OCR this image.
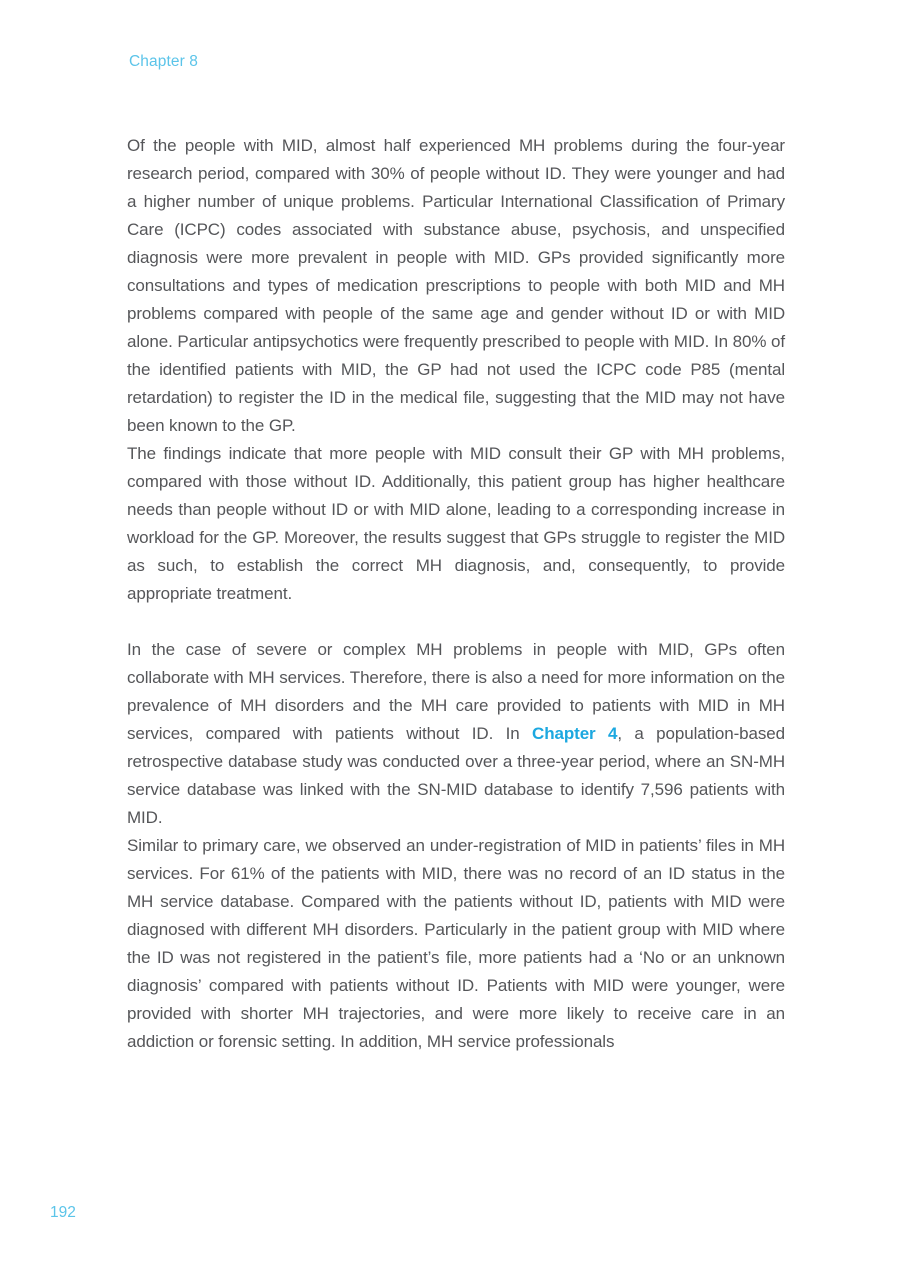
Chapter 8

Of the people with MID, almost half experienced MH problems during the four-year research period, compared with 30% of people without ID. They were younger and had a higher number of unique problems. Particular International Classification of Primary Care (ICPC) codes associated with substance abuse, psychosis, and unspecified diagnosis were more prevalent in people with MID. GPs provided significantly more consultations and types of medication prescriptions to people with both MID and MH problems compared with people of the same age and gender without ID or with MID alone. Particular antipsychotics were frequently prescribed to people with MID. In 80% of the identified patients with MID, the GP had not used the ICPC code P85 (mental retardation) to register the ID in the medical file, suggesting that the MID may not have been known to the GP.

The findings indicate that more people with MID consult their GP with MH problems, compared with those without ID. Additionally, this patient group has higher healthcare needs than people without ID or with MID alone, leading to a corresponding increase in workload for the GP. Moreover, the results suggest that GPs struggle to register the MID as such, to establish the correct MH diagnosis, and, consequently, to provide appropriate treatment.

In the case of severe or complex MH problems in people with MID, GPs often collaborate with MH services. Therefore, there is also a need for more information on the prevalence of MH disorders and the MH care provided to patients with MID in MH services, compared with patients without ID. In Chapter 4, a population-based retrospective database study was conducted over a three-year period, where an SN-MH service database was linked with the SN-MID database to identify 7,596 patients with MID.

Similar to primary care, we observed an under-registration of MID in patients’ files in MH services. For 61% of the patients with MID, there was no record of an ID status in the MH service database. Compared with the patients without ID, patients with MID were diagnosed with different MH disorders. Particularly in the patient group with MID where the ID was not registered in the patient’s file, more patients had a ‘No or an unknown diagnosis’ compared with patients without ID. Patients with MID were younger, were provided with shorter MH trajectories, and were more likely to receive care in an addiction or forensic setting. In addition, MH service professionals

192
